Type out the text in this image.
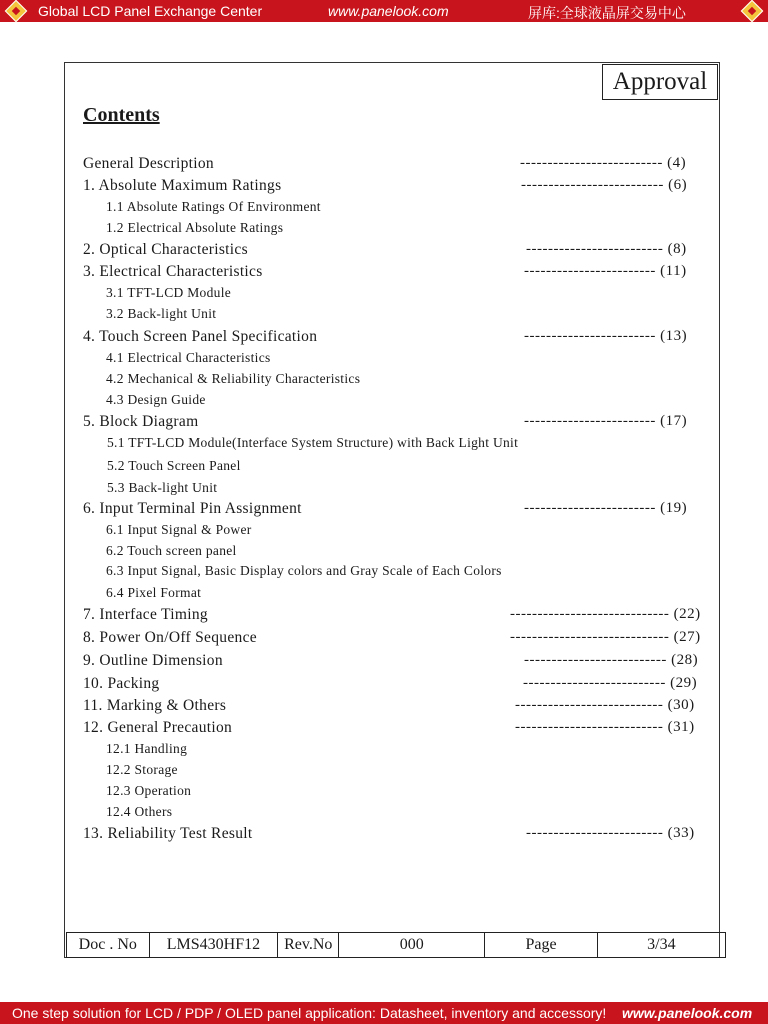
Global LCD Panel Exchange Center	www.panelook.com	屏库:全球液晶屏交易中心
Approval
Contents
General Description	-------------------------- (4)
1. Absolute Maximum Ratings	-------------------------- (6)
1.1 Absolute Ratings Of Environment
1.2 Electrical Absolute Ratings
2. Optical Characteristics	------------------------- (8)
3. Electrical Characteristics	------------------------ (11)
3.1 TFT-LCD Module
3.2 Back-light Unit
4. Touch Screen Panel Specification	------------------------ (13)
4.1 Electrical Characteristics
4.2 Mechanical & Reliability Characteristics
4.3 Design Guide
5. Block Diagram	------------------------ (17)
5.1 TFT-LCD Module(Interface System Structure) with Back Light Unit
5.2 Touch Screen Panel
5.3 Back-light Unit
6. Input Terminal Pin Assignment	------------------------ (19)
6.1 Input Signal & Power
6.2 Touch screen panel
6.3 Input Signal, Basic Display colors and Gray Scale of Each Colors
6.4 Pixel Format
7. Interface Timing	----------------------------- (22)
8. Power On/Off Sequence	----------------------------- (27)
9. Outline Dimension	-------------------------- (28)
10. Packing	-------------------------- (29)
11. Marking & Others	--------------------------- (30)
12. General Precaution	--------------------------- (31)
12.1 Handling
12.2 Storage
12.3 Operation
12.4 Others
13. Reliability Test Result	------------------------- (33)
Doc . No	LMS430HF12	Rev.No	000	Page	3/34
One step solution for LCD / PDP / OLED panel application: Datasheet, inventory and accessory! www.panelook.com
